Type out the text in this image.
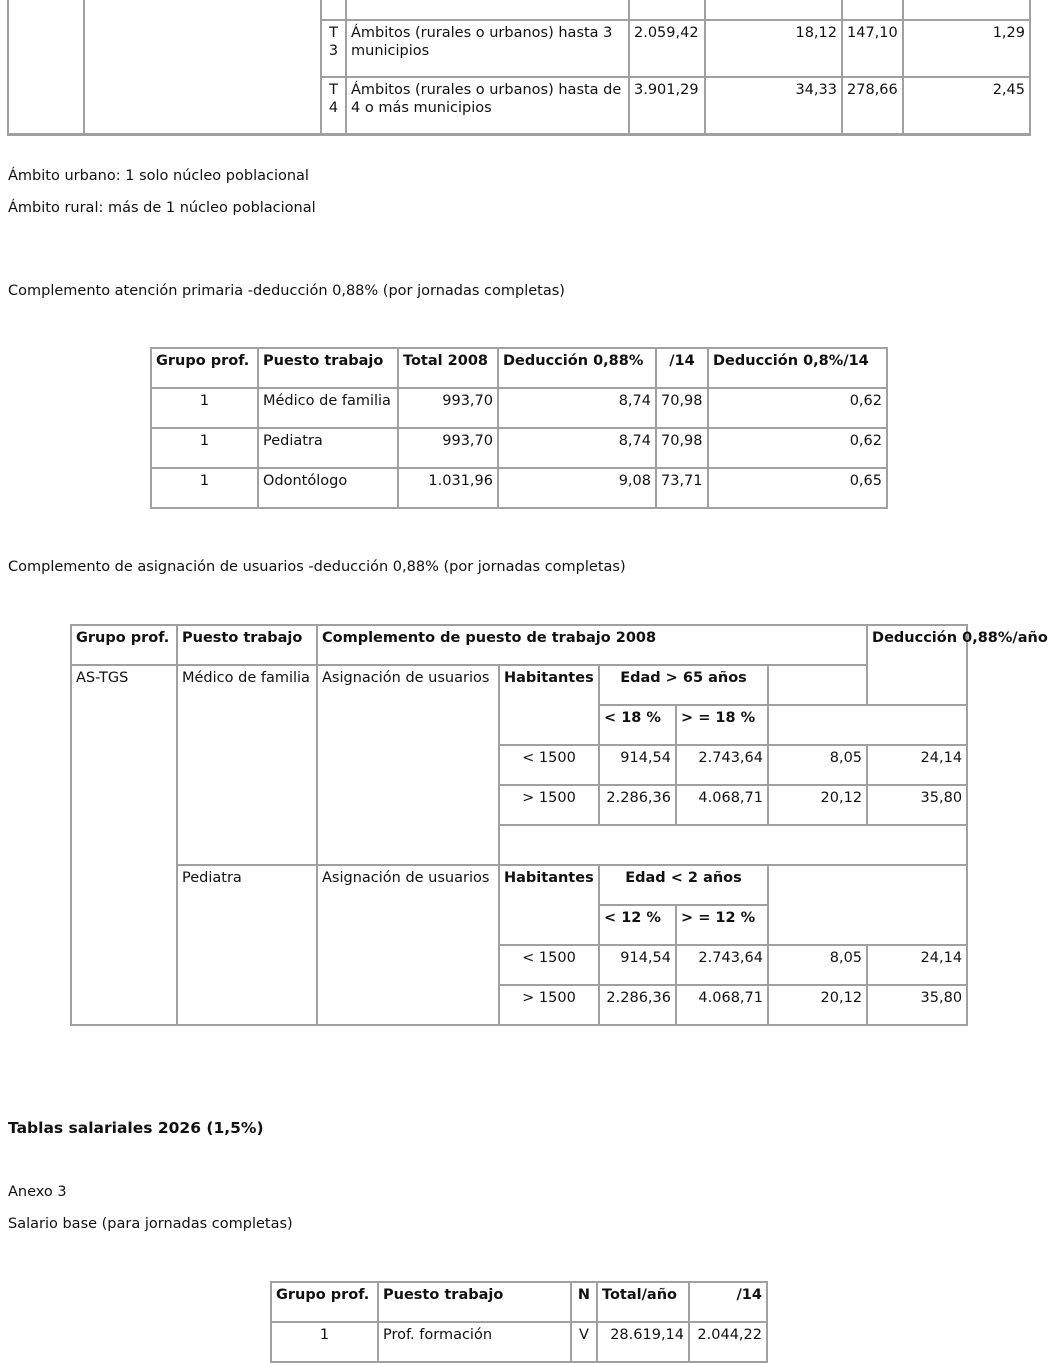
		T 3	Ámbitos (rurales o urbanos) hasta 3 municipios	2.059,42	18,12	147,10	1,29
		T 4	Ámbitos (rurales o urbanos) hasta de 4 o más municipios	3.901,29	34,33	278,66	2,45

Ámbito urbano: 1 solo núcleo poblacional

Ámbito rural: más de 1 núcleo poblacional

Complemento atención primaria -deducción 0,88% (por jornadas completas)

Grupo prof.	Puesto trabajo	Total 2008	Deducción 0,88%	/14	Deducción 0,8%/14
1	Médico de familia	993,70	8,74	70,98	0,62
1	Pediatra	993,70	8,74	70,98	0,62
1	Odontólogo	1.031,96	9,08	73,71	0,65

Complemento de asignación de usuarios -deducción 0,88% (por jornadas completas)

Grupo prof.	Puesto trabajo	Complemento de puesto de trabajo 2008					Deducción 0,88%/año
AS-TGS	Médico de familia	Asignación de usuarios	Habitantes	Edad > 65 años			
				< 18 %	> = 18 %		
			< 1500	914,54	2.743,64	8,05	24,14
			> 1500	2.286,36	4.068,71	20,12	35,80

	Pediatra	Asignación de usuarios	Habitantes	Edad < 2 años			
				< 12 %	> = 12 %		
			< 1500	914,54	2.743,64	8,05	24,14
			> 1500	2.286,36	4.068,71	20,12	35,80

Tablas salariales 2026 (1,5%)

Anexo 3

Salario base (para jornadas completas)

Grupo prof.	Puesto trabajo	N	Total/año	/14
1	Prof. formación	V	28.619,14	2.044,22
